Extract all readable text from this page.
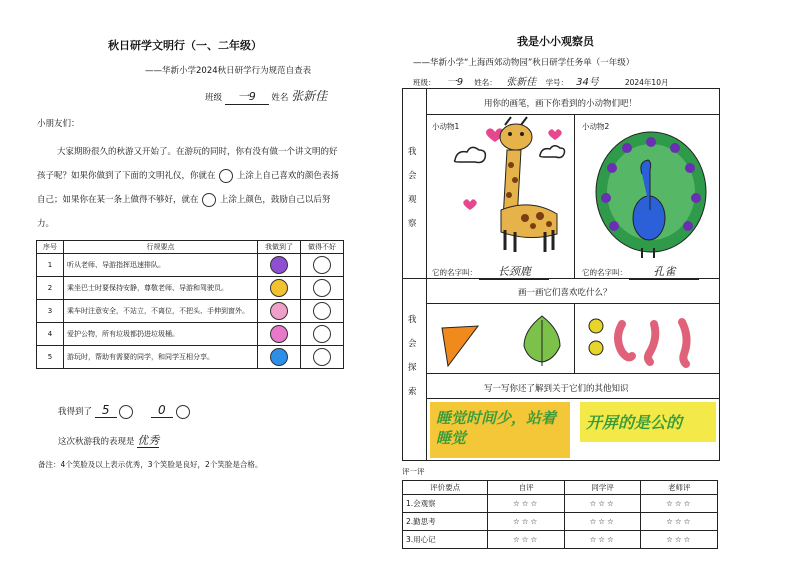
秋日研学文明行（一、二年级）
——华新小学2024秋日研学行为规范自查表
班级 一9 姓名 张新佳
小朋友们：
大家期盼很久的秋游又开始了。在游玩的同时，你有没有做一个讲文明的好孩子呢？如果你做到了下面的文明礼仪，你就在	上涂上自己喜欢的颜色表扬自己；如果你在某一条上做得不够好，就在	上涂上颜色，鼓励自己以后努力。
序号	行规要点	我做到了	做得不好
1	听从老师、导游指挥迅速排队。	

2	乘坐巴士时要保持安静，尊敬老师、导游和驾驶员。	

3	乘车时注意安全，不站立，不离位，不把头、手伸到窗外。	

4	爱护公物，所有垃圾都扔进垃圾桶。	

5	游玩时，帮助有需要的同学，和同学互相分享。	

我得到了 5	0
这次秋游我的表现是 优秀
备注：4个笑脸及以上表示优秀，3个笑脸是良好，2个笑脸是合格。
我是小小观察员
——华新小学“上海西郊动物园”秋日研学任务单（一年级）
班级： 一9 姓名： 张新佳 学号： 34号	2024年10月
我会观察
我会探索
用你的画笔，画下你看到的小动物们吧！
小动物1	小动物2
它的名字叫： 长颈鹿	它的名字叫： 孔雀
画一画它们喜欢吃什么？
写一写你还了解到关于它们的其他知识
睡觉时间少，站着睡觉
开屏的是公的
评一评
评价要点	自评	同学评	老师评
1.会观察	☆☆☆	☆☆☆	☆☆☆
2.勤思考	☆☆☆	☆☆☆	☆☆☆
3.用心记	☆☆☆	☆☆☆	☆☆☆
